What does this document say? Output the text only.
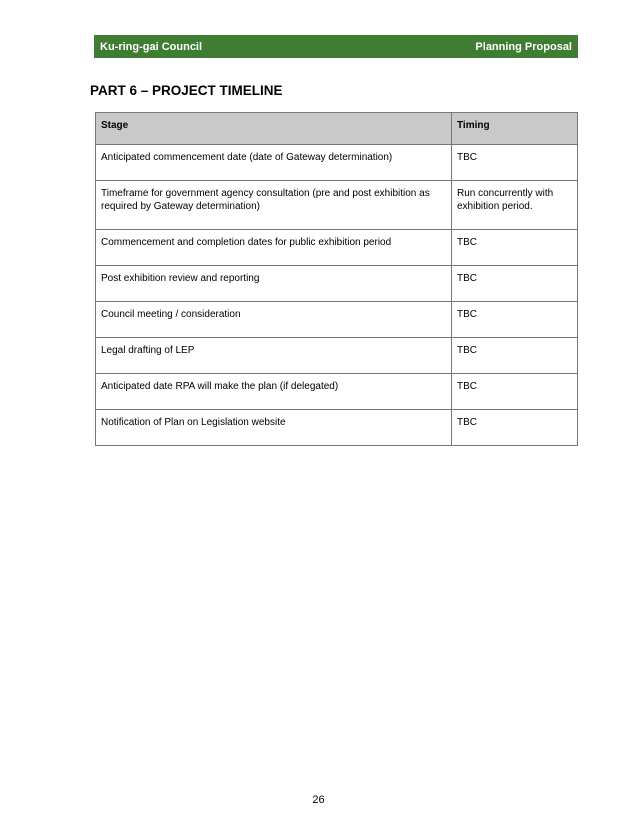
Ku-ring-gai Council	Planning Proposal
PART 6 – PROJECT TIMELINE
Stage	Timing
Anticipated commencement date (date of Gateway determination)	TBC
Timeframe for government agency consultation (pre and post exhibition as required by Gateway determination)	Run concurrently with exhibition period.
Commencement and completion dates for public exhibition period	TBC
Post exhibition review and reporting	TBC
Council meeting / consideration	TBC
Legal drafting of LEP	TBC
Anticipated date RPA will make the plan (if delegated)	TBC
Notification of Plan on Legislation website	TBC
26
